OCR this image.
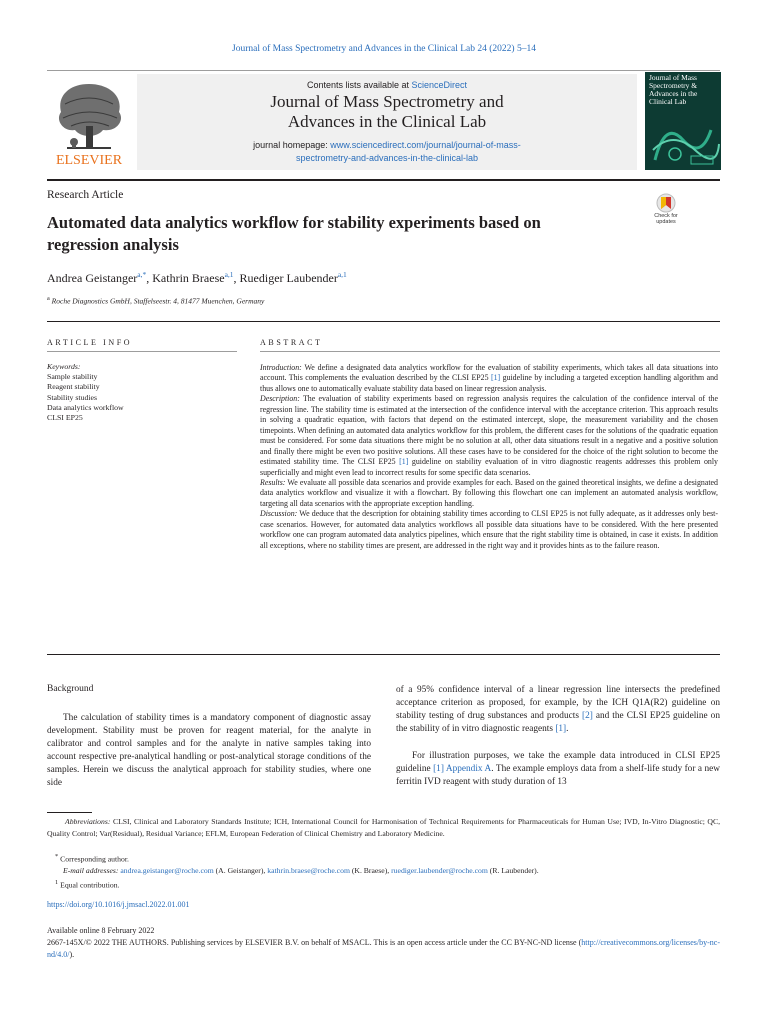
Journal of Mass Spectrometry and Advances in the Clinical Lab 24 (2022) 5–14
ELSEVIER
Contents lists available at ScienceDirect
Journal of Mass Spectrometry and
Advances in the Clinical Lab
journal homepage: www.sciencedirect.com/journal/journal-of-mass-
spectrometry-and-advances-in-the-clinical-lab
Journal of Mass Spectrometry & Advances in the Clinical Lab
Research Article
Automated data analytics workflow for stability experiments based on
regression analysis
Check for
updates
Andrea Geistanger$^{a,*}$, Kathrin Braese$^{a,1}$, Ruediger Laubender$^{a,1}$
$^a$ Roche Diagnostics GmbH, Staffelseestr. 4, 81477 Muenchen, Germany
ARTICLE INFO
Keywords:
Sample stability
Reagent stability
Stability studies
Data analytics workflow
CLSI EP25
ABSTRACT

Introduction: We define a designated data analytics workflow for the evaluation of stability experiments, which takes all data situations into account. This complements the evaluation described by the CLSI EP25 [1] guideline by including a targeted exception handling algorithm and thus allows one to automatically evaluate stability data based on linear regression analysis.

Description: The evaluation of stability experiments based on regression analysis requires the calculation of the confidence interval of the regression line. The stability time is estimated at the intersection of the confidence interval with the acceptance criterion. This approach results in solving a quadratic equation, with factors that depend on the estimated intercept, slope, the measurement variability and the chosen timepoints. When defining an automated data analytics workflow for this problem, the different cases for the solutions of the quadratic equation must be considered. For some data situations there might be no solution at all, other data situations result in a negative and a positive solution and finally there might be even two positive solutions. All these cases have to be considered for the choice of the right solution to become the estimated stability time. The CLSI EP25 [1] guideline on stability evaluation of in vitro diagnostic reagents addresses this problem only superficially and might even lead to incorrect results for some specific data scenarios.

Results: We evaluate all possible data scenarios and provide examples for each. Based on the gained theoretical insights, we define a designated data analytics workflow and visualize it with a flowchart. By following this flowchart one can implement an automated analysis workflow, targeting all data scenarios with the appropriate exception handling.

Discussion: We deduce that the description for obtaining stability times according to CLSI EP25 is not fully adequate, as it addresses only best-case scenarios. However, for automated data analytics workflows all possible data situations have to be considered. With the here presented workflow one can program automated data analytics pipelines, which ensure that the right stability time is obtained, in case it exists. In addition all exceptions, where no stability times are present, are addressed in the right way and it provides hints as to the failure reason.

Background
The calculation of stability times is a mandatory component of diagnostic assay development. Stability must be proven for reagent material, for the analyte in calibrator and control samples and for the analyte in native samples taking into account respective pre-analytical handling or post-analytical storage conditions of the samples. Herein we discuss the analytical approach for stability studies, where one side
of a 95% confidence interval of a linear regression line intersects the predefined acceptance criterion as proposed, for example, by the ICH Q1A(R2) guideline on stability testing of drug substances and products [2] and the CLSI EP25 guideline on the stability of in vitro diagnostic reagents [1].
For illustration purposes, we take the example data introduced in CLSI EP25 guideline [1] Appendix A. The example employs data from a shelf-life study for a new ferritin IVD reagent with study duration of 13
Abbreviations: CLSI, Clinical and Laboratory Standards Institute; ICH, International Council for Harmonisation of Technical Requirements for Pharmaceuticals for Human Use; IVD, In-Vitro Diagnostic; QC, Quality Control; Var(Residual), Residual Variance; EFLM, European Federation of Clinical Chemistry and Laboratory Medicine.
* Corresponding author.
E-mail addresses: andrea.geistanger@roche.com (A. Geistanger), kathrin.braese@roche.com (K. Braese), ruediger.laubender@roche.com (R. Laubender).
$^1$ Equal contribution.
https://doi.org/10.1016/j.jmsacl.2022.01.001
Available online 8 February 2022
2667-145X/© 2022 THE AUTHORS. Publishing services by ELSEVIER B.V. on behalf of MSACL. This is an open access article under the CC BY-NC-ND license (http://creativecommons.org/licenses/by-nc-nd/4.0/).
